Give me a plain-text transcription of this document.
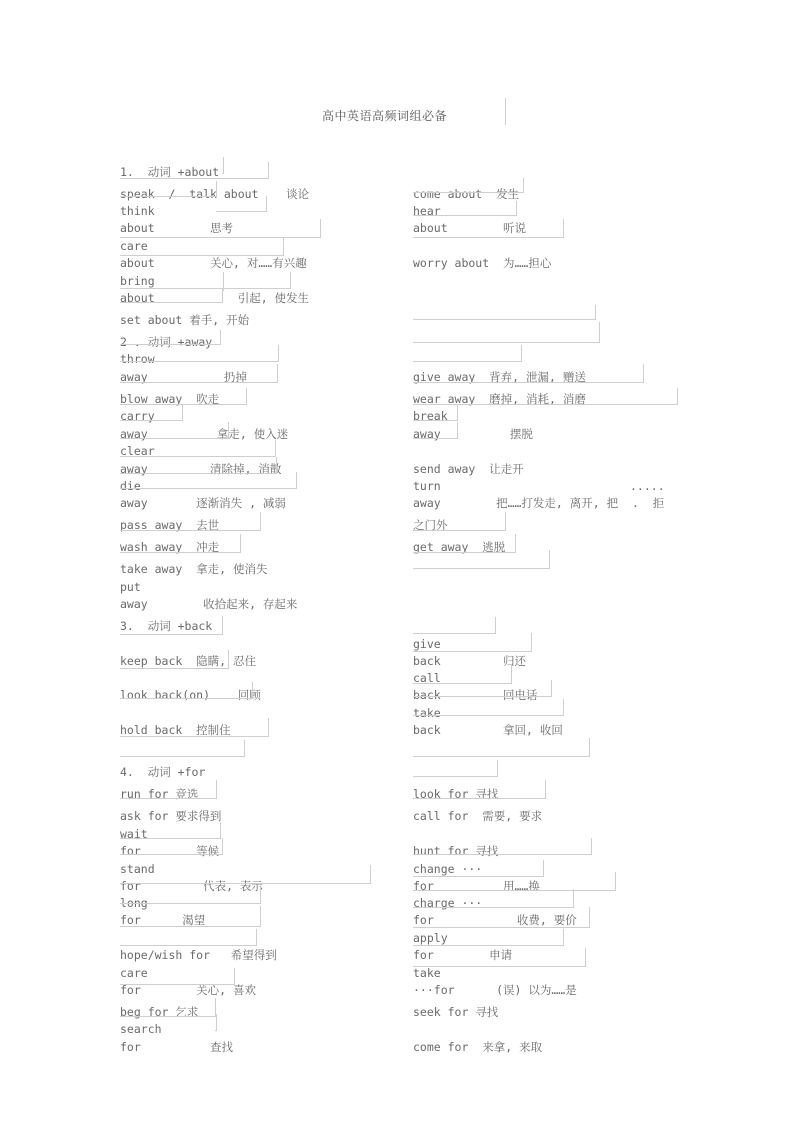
高中英语高频词组必备
1.  动词 +about
speak  /  talk about    谈论
think
about        思考
care
about        关心, 对……有兴趣
bring
about            引起, 使发生
set about 着手, 开始
2 . 动词 +away
throw
away           扔掉
blow away  吹走
carry
away          拿走, 使入迷
clear
away         清除掉, 消散
die
away       逐渐消失 , 减弱
pass away  去世
wash away  冲走
take away  拿走, 使消失
put
away        收拾起来, 存起来
3.  动词 +back
keep back  隐瞒, 忍住
look back(on)    回顾
hold back  控制住
4.  动词 +for
run for 竞选
ask for 要求得到
wait
for        等候
stand
for         代表, 表示
long
for      渴望
hope/wish for   希望得到
care
for        关心, 喜欢
beg for 乞求
search
for          查找
come about  发生
hear
about        听说
worry about  为……担心
give away  背弃, 泄漏, 赠送
wear away  磨掉, 消耗, 消磨
break
away          摆脱
send away  让走开
turn	.....
away        把……打发走, 离开, 把  .  拒
之门外
get away  逃脱
give
back         归还
call
back         回电话
take
back         拿回, 收回
look for 寻找
call for  需要, 要求
hunt for 寻找
change ···
for          用……换
charge ···
for            收费, 要价
apply
for        申请
take
···for      (误) 以为……是
seek for 寻找
come for  来拿, 来取
